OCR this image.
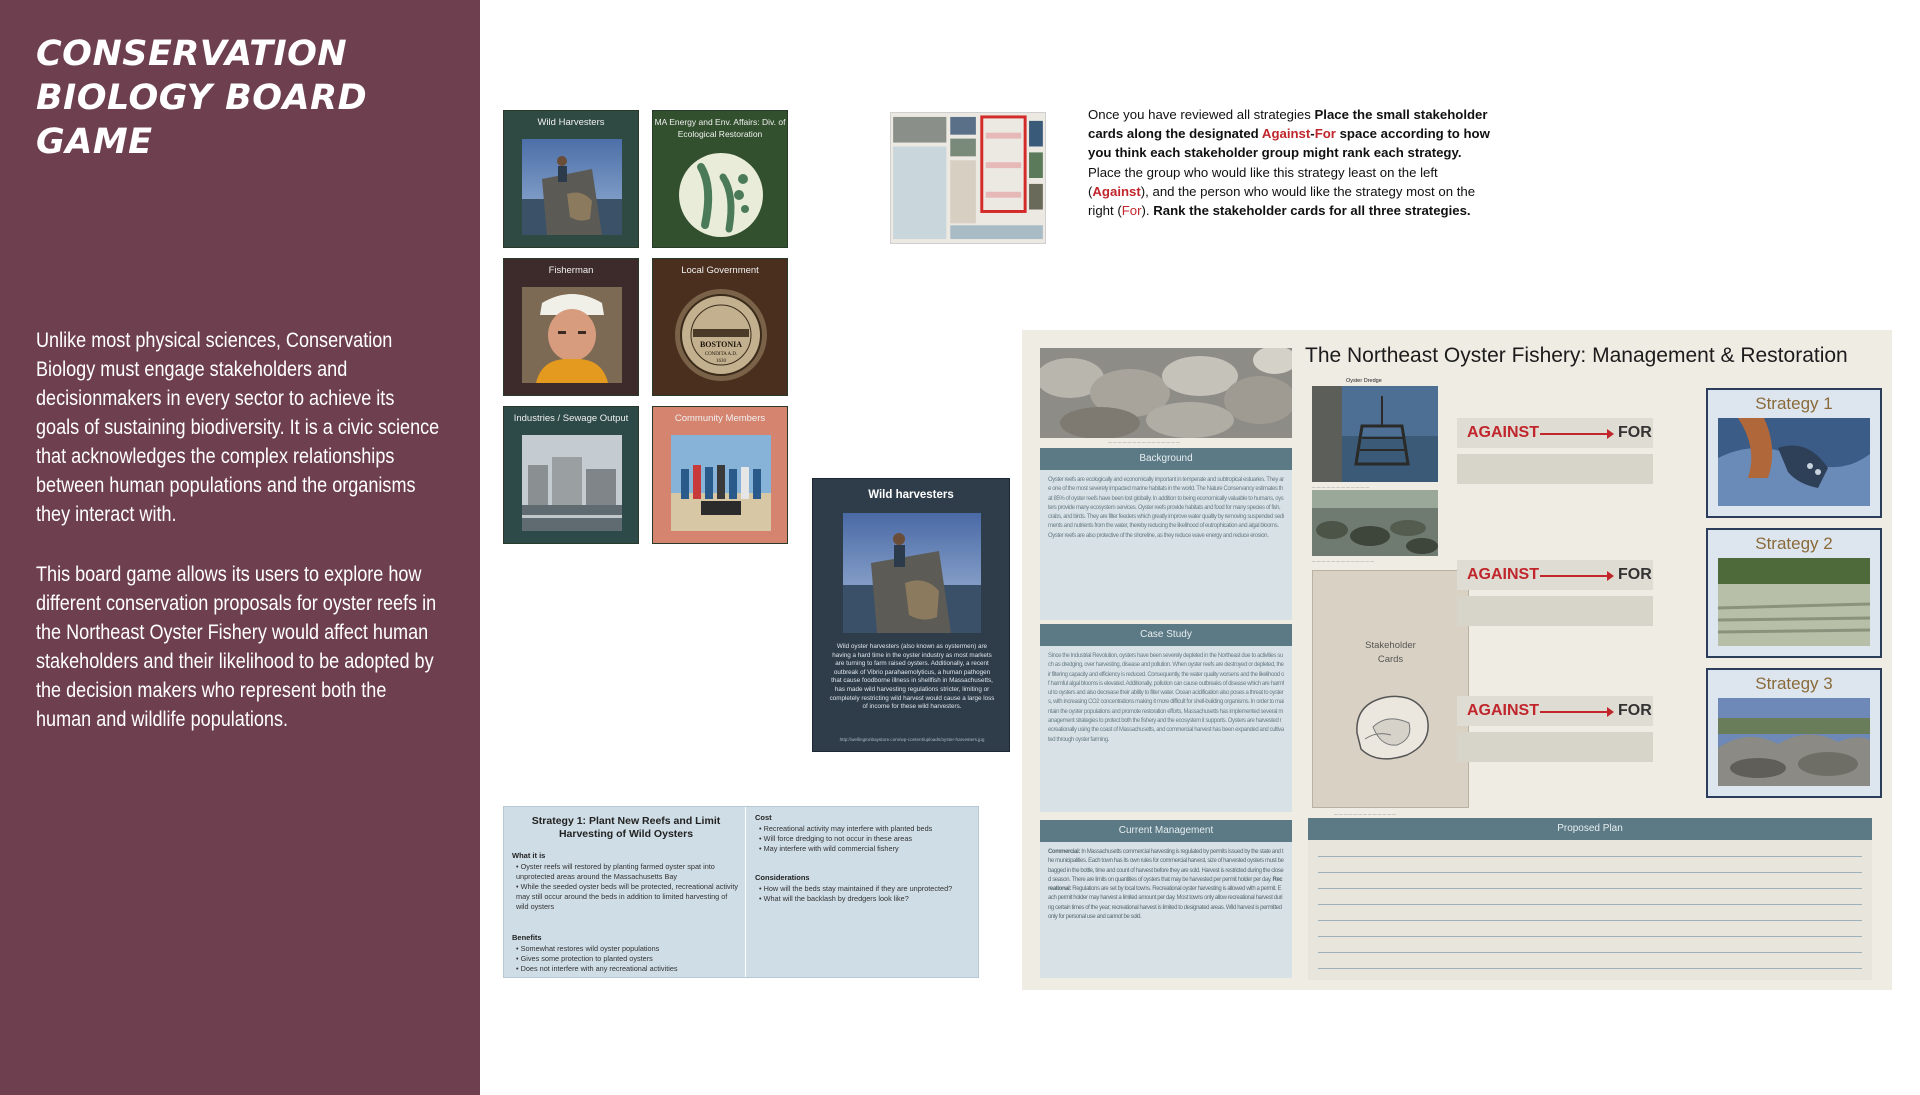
CONSERVATION
BIOLOGY BOARD GAME
Unlike most physical sciences, Conservation Biology must engage stakeholders and decisionmakers in every sector to achieve its goals of sustaining biodiversity. It is a civic science that acknowledges the complex relationships between human populations and the organisms they interact with.
This board game allows its users to explore how different conservation proposals for oyster reefs in the Northeast Oyster Fishery would affect human stakeholders and their likelihood to be adopted by the decision makers who represent both the human and wildlife populations.
Wild Harvesters	MA Energy and Env. Affairs: Div. of Ecological Restoration
Fisherman	Local Government
BOSTONIA
CONDITA A.D.
1630
Industries / Sewage Output	Community Members
Once you have reviewed all strategies Place the small stakeholder cards along the designated Against-For space according to how you think each stakeholder group might rank each strategy. Place the group who would like this strategy least on the left (Against), and the person who would like the strategy most on the right (For). Rank the stakeholder cards for all three strategies.
Wild harvesters
Wild oyster harvesters (also known as oystermen) are having a hard time in the oyster industry as most markets are turning to farm raised oysters. Additionally, a recent outbreak of Vibrio parahaemolyticus, a human pathogen that cause foodborne illness in shellfish in Massachusetts, has made wild harvesting regulations stricter, limiting or completely restricting wild harvest would cause a large loss of income for these wild harvesters.
http://wellingtonbaystore.com/wp-content/uploads/oyster-harvesters.jpg
Strategy 1: Plant New Reefs and Limit Harvesting of Wild Oysters
What it is
• Oyster reefs will restored by planting farmed oyster spat into unprotected areas around the Massachusetts Bay
• While the seeded oyster beds will be protected, recreational activity may still occur around the beds in addition to limited harvesting of wild oysters
Benefits
• Somewhat restores wild oyster populations
• Gives some protection to planted oysters
• Does not interfere with any recreational activities
Cost
• Recreational activity may interfere with planted beds
• Will force dredging to not occur in these areas
• May interfere with wild commercial fishery
Considerations
• How will the beds stay maintained if they are unprotected?
• What will the backlash by dredgers look like?
The Northeast Oyster Fishery: Management & Restoration
— — — — — — — — — — — — — — —
Background
Oyster reefs are ecologically and economically important in temperate and subtropical estuaries. They are one of the most severely impacted marine habitats in the world. The Nature Conservancy estimates that 85% of oyster reefs have been lost globally. In addition to being economically valuable to humans, oysters provide many ecosystem services. Oyster reefs provide habitats and food for many species of fish, crabs, and birds. They are filter feeders which greatly improve water quality by removing suspended sediments and nutrients from the water, thereby reducing the likelihood of eutrophication and algal blooms. Oyster reefs are also protective of the shoreline, as they reduce wave energy and reduce erosion.
Case Study
Since the Industrial Revolution, oysters have been severely depleted in the Northeast due to activities such as dredging, over harvesting, disease and pollution. When oyster reefs are destroyed or depleted, their filtering capacity and efficiency is reduced. Consequently, the water quality worsens and the likelihood of harmful algal blooms is elevated. Additionally, pollution can cause outbreaks of disease which are harmful to oysters and also decrease their ability to filter water. Ocean acidification also poses a threat to oysters, with increasing CO2 concentrations making it more difficult for shell-building organisms. In order to maintain the oyster populations and promote restoration efforts, Massachusetts has implemented several management strategies to protect both the fishery and the ecosystem it supports. Oysters are harvested recreationally using the coast of Massachusetts, and commercial harvest has been expanded and cultivated through oyster farming.
Current Management
Commercial: In Massachusetts commercial harvesting is regulated by permits issued by the state and the municipalities. Each town has its own rules for commercial harvest, size of harvested oysters must be bagged in the bottle, time and count of harvest before they are sold. Harvest is restricted during the closed season. There are limits on quantities of oysters that may be harvested per permit holder per day. Recreational: Regulations are set by local towns. Recreational oyster harvesting is allowed with a permit. Each permit holder may harvest a limited amount per day. Most towns only allow recreational harvest during certain times of the year; recreational harvest is limited to designated areas. Wild harvest is permitted only for personal use and cannot be sold.
Oyster Dredge
— — — — — — — — — — — —
— — — — — — — — — — — — —
Stakeholder
Cards
— — — — — — — — — — — — —
AGAINST	FOR
AGAINST	FOR
AGAINST	FOR
Strategy 1
Strategy 2
Strategy 3
Proposed Plan
